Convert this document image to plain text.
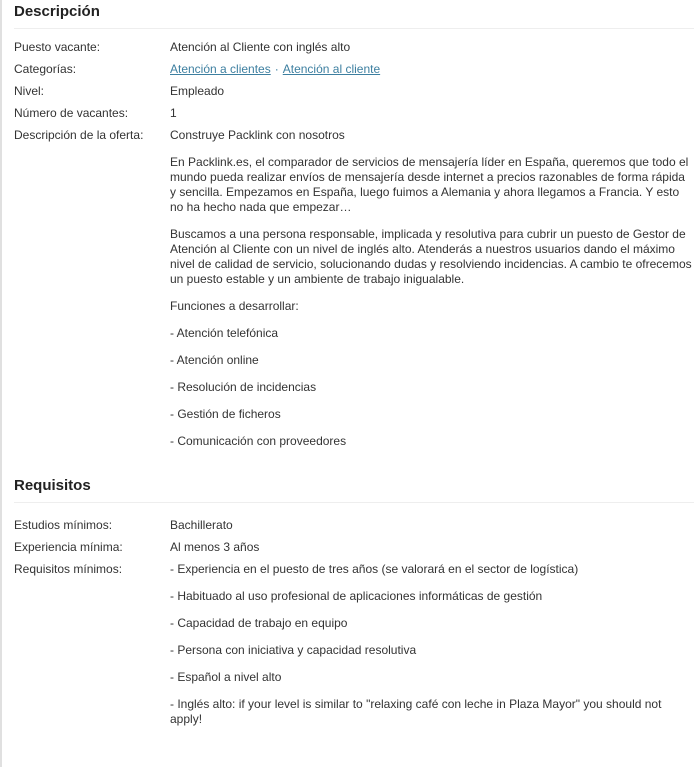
Descripción
Puesto vacante:	Atención al Cliente con inglés alto
Categorías:	Atención a clientes · Atención al cliente
Nivel:	Empleado
Número de vacantes:	1
Descripción de la oferta:	Construye Packlink con nosotros

En Packlink.es, el comparador de servicios de mensajería líder en España, queremos que todo el mundo pueda realizar envíos de mensajería desde internet a precios razonables de forma rápida y sencilla. Empezamos en España, luego fuimos a Alemania y ahora llegamos a Francia. Y esto no ha hecho nada que empezar…

Buscamos a una persona responsable, implicada y resolutiva para cubrir un puesto de Gestor de Atención al Cliente con un nivel de inglés alto. Atenderás a nuestros usuarios dando el máximo nivel de calidad de servicio, solucionando dudas y resolviendo incidencias. A cambio te ofrecemos un puesto estable y un ambiente de trabajo inigualable.

Funciones a desarrollar:

- Atención telefónica

- Atención online

- Resolución de incidencias

- Gestión de ficheros

- Comunicación con proveedores

Requisitos
Estudios mínimos:	Bachillerato
Experiencia mínima:	Al menos 3 años
Requisitos mínimos:	- Experiencia en el puesto de tres años (se valorará en el sector de logística)

- Habituado al uso profesional de aplicaciones informáticas de gestión

- Capacidad de trabajo en equipo

- Persona con iniciativa y capacidad resolutiva

- Español a nivel alto

- Inglés alto: if your level is similar to "relaxing café con leche in Plaza Mayor" you should not apply!
